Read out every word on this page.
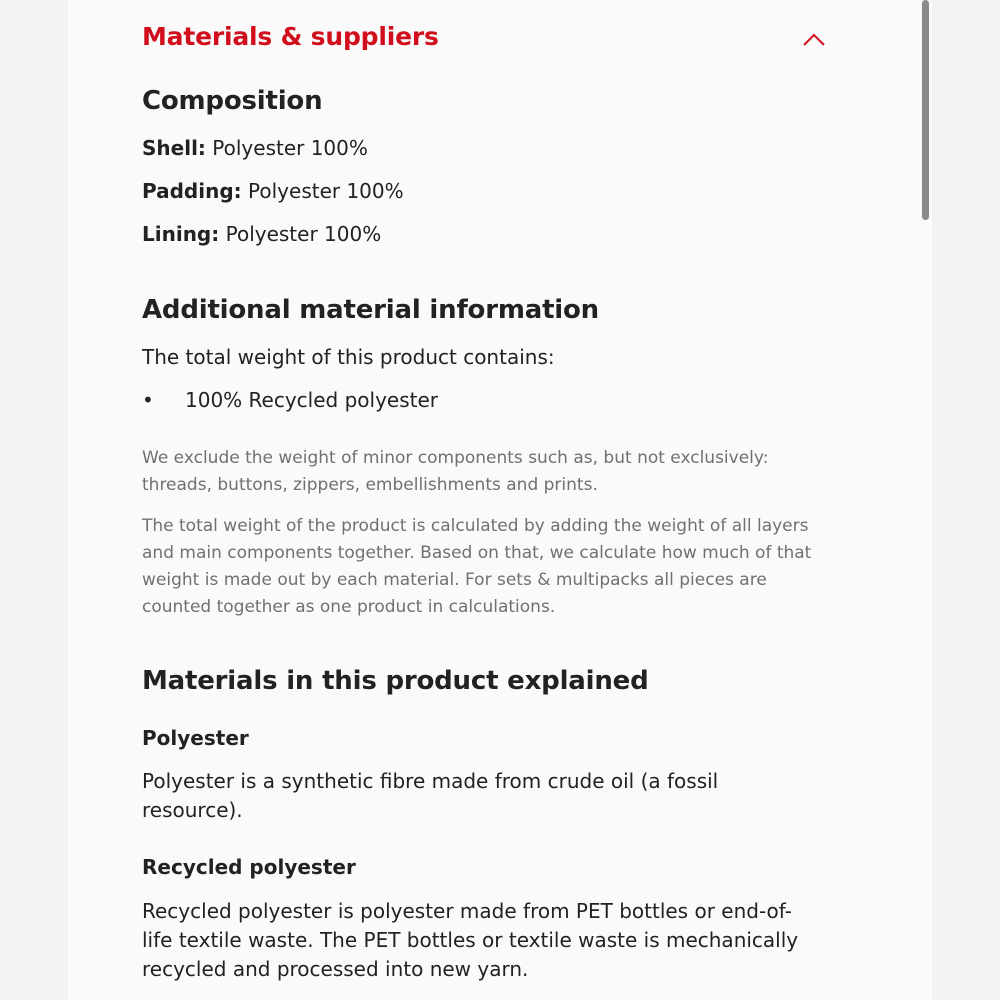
Materials & suppliers
Composition
Shell: Polyester 100%
Padding: Polyester 100%
Lining: Polyester 100%
Additional material information
The total weight of this product contains:
• 100% Recycled polyester
We exclude the weight of minor components such as, but not exclusively: threads, buttons, zippers, embellishments and prints.
The total weight of the product is calculated by adding the weight of all layers and main components together. Based on that, we calculate how much of that weight is made out by each material. For sets & multipacks all pieces are counted together as one product in calculations.
Materials in this product explained
Polyester
Polyester is a synthetic fibre made from crude oil (a fossil resource).
Recycled polyester
Recycled polyester is polyester made from PET bottles or end-of-life textile waste. The PET bottles or textile waste is mechanically recycled and processed into new yarn.
